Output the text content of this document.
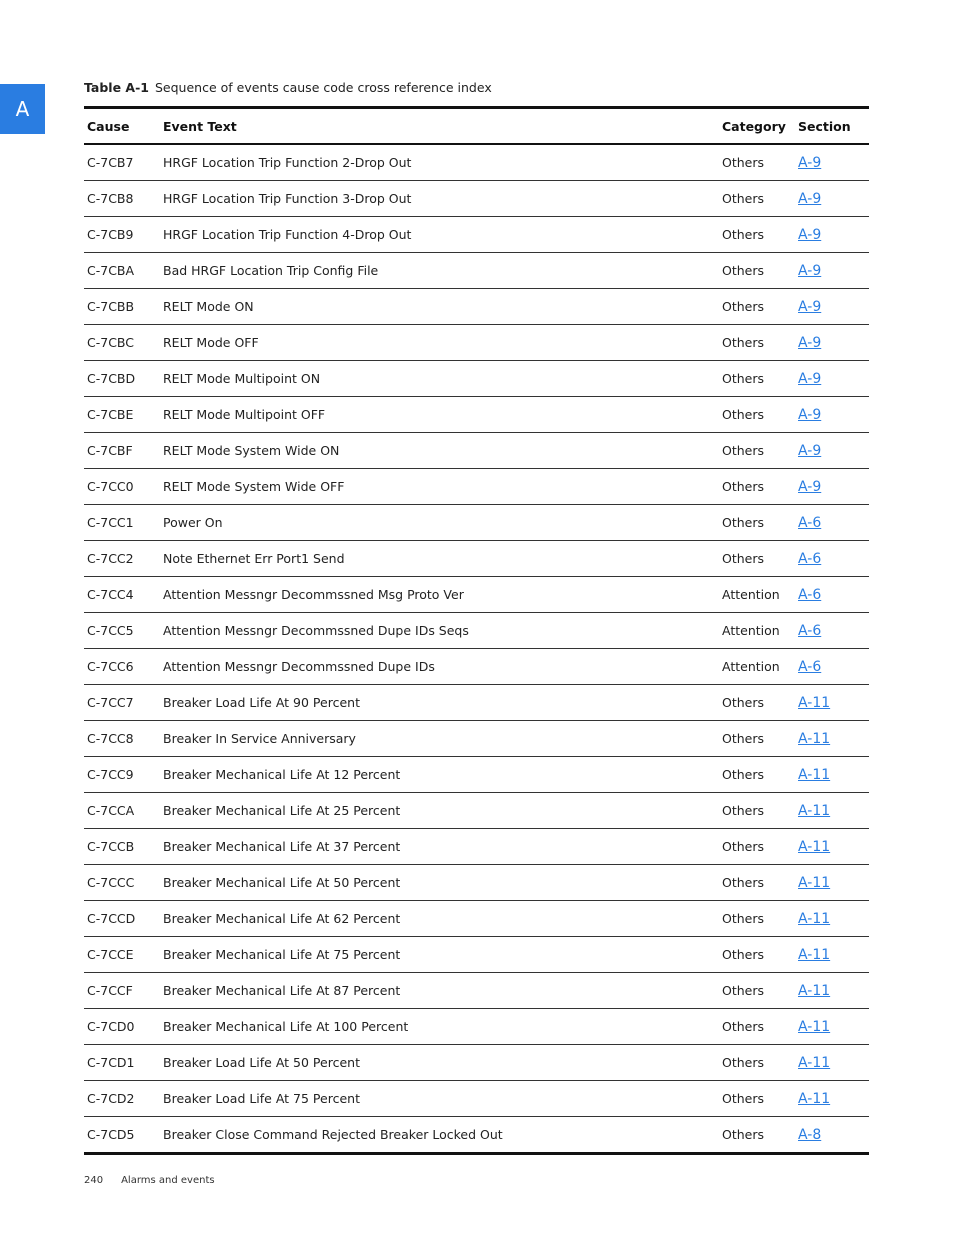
A
Table A-1 Sequence of events cause code cross reference index
Cause	Event Text	Category	Section
C-7CB7	HRGF Location Trip Function 2-Drop Out	Others	A-9
C-7CB8	HRGF Location Trip Function 3-Drop Out	Others	A-9
C-7CB9	HRGF Location Trip Function 4-Drop Out	Others	A-9
C-7CBA	Bad HRGF Location Trip Config File	Others	A-9
C-7CBB	RELT Mode ON	Others	A-9
C-7CBC	RELT Mode OFF	Others	A-9
C-7CBD	RELT Mode Multipoint ON	Others	A-9
C-7CBE	RELT Mode Multipoint OFF	Others	A-9
C-7CBF	RELT Mode System Wide ON	Others	A-9
C-7CC0	RELT Mode System Wide OFF	Others	A-9
C-7CC1	Power On	Others	A-6
C-7CC2	Note Ethernet Err Port1 Send	Others	A-6
C-7CC4	Attention Messngr Decommssned Msg Proto Ver	Attention	A-6
C-7CC5	Attention Messngr Decommssned Dupe IDs Seqs	Attention	A-6
C-7CC6	Attention Messngr Decommssned Dupe IDs	Attention	A-6
C-7CC7	Breaker Load Life At 90 Percent	Others	A-11
C-7CC8	Breaker In Service Anniversary	Others	A-11
C-7CC9	Breaker Mechanical Life At 12 Percent	Others	A-11
C-7CCA	Breaker Mechanical Life At 25 Percent	Others	A-11
C-7CCB	Breaker Mechanical Life At 37 Percent	Others	A-11
C-7CCC	Breaker Mechanical Life At 50 Percent	Others	A-11
C-7CCD	Breaker Mechanical Life At 62 Percent	Others	A-11
C-7CCE	Breaker Mechanical Life At 75 Percent	Others	A-11
C-7CCF	Breaker Mechanical Life At 87 Percent	Others	A-11
C-7CD0	Breaker Mechanical Life At 100 Percent	Others	A-11
C-7CD1	Breaker Load Life At 50 Percent	Others	A-11
C-7CD2	Breaker Load Life At 75 Percent	Others	A-11
C-7CD5	Breaker Close Command Rejected Breaker Locked Out	Others	A-8
240 Alarms and events
